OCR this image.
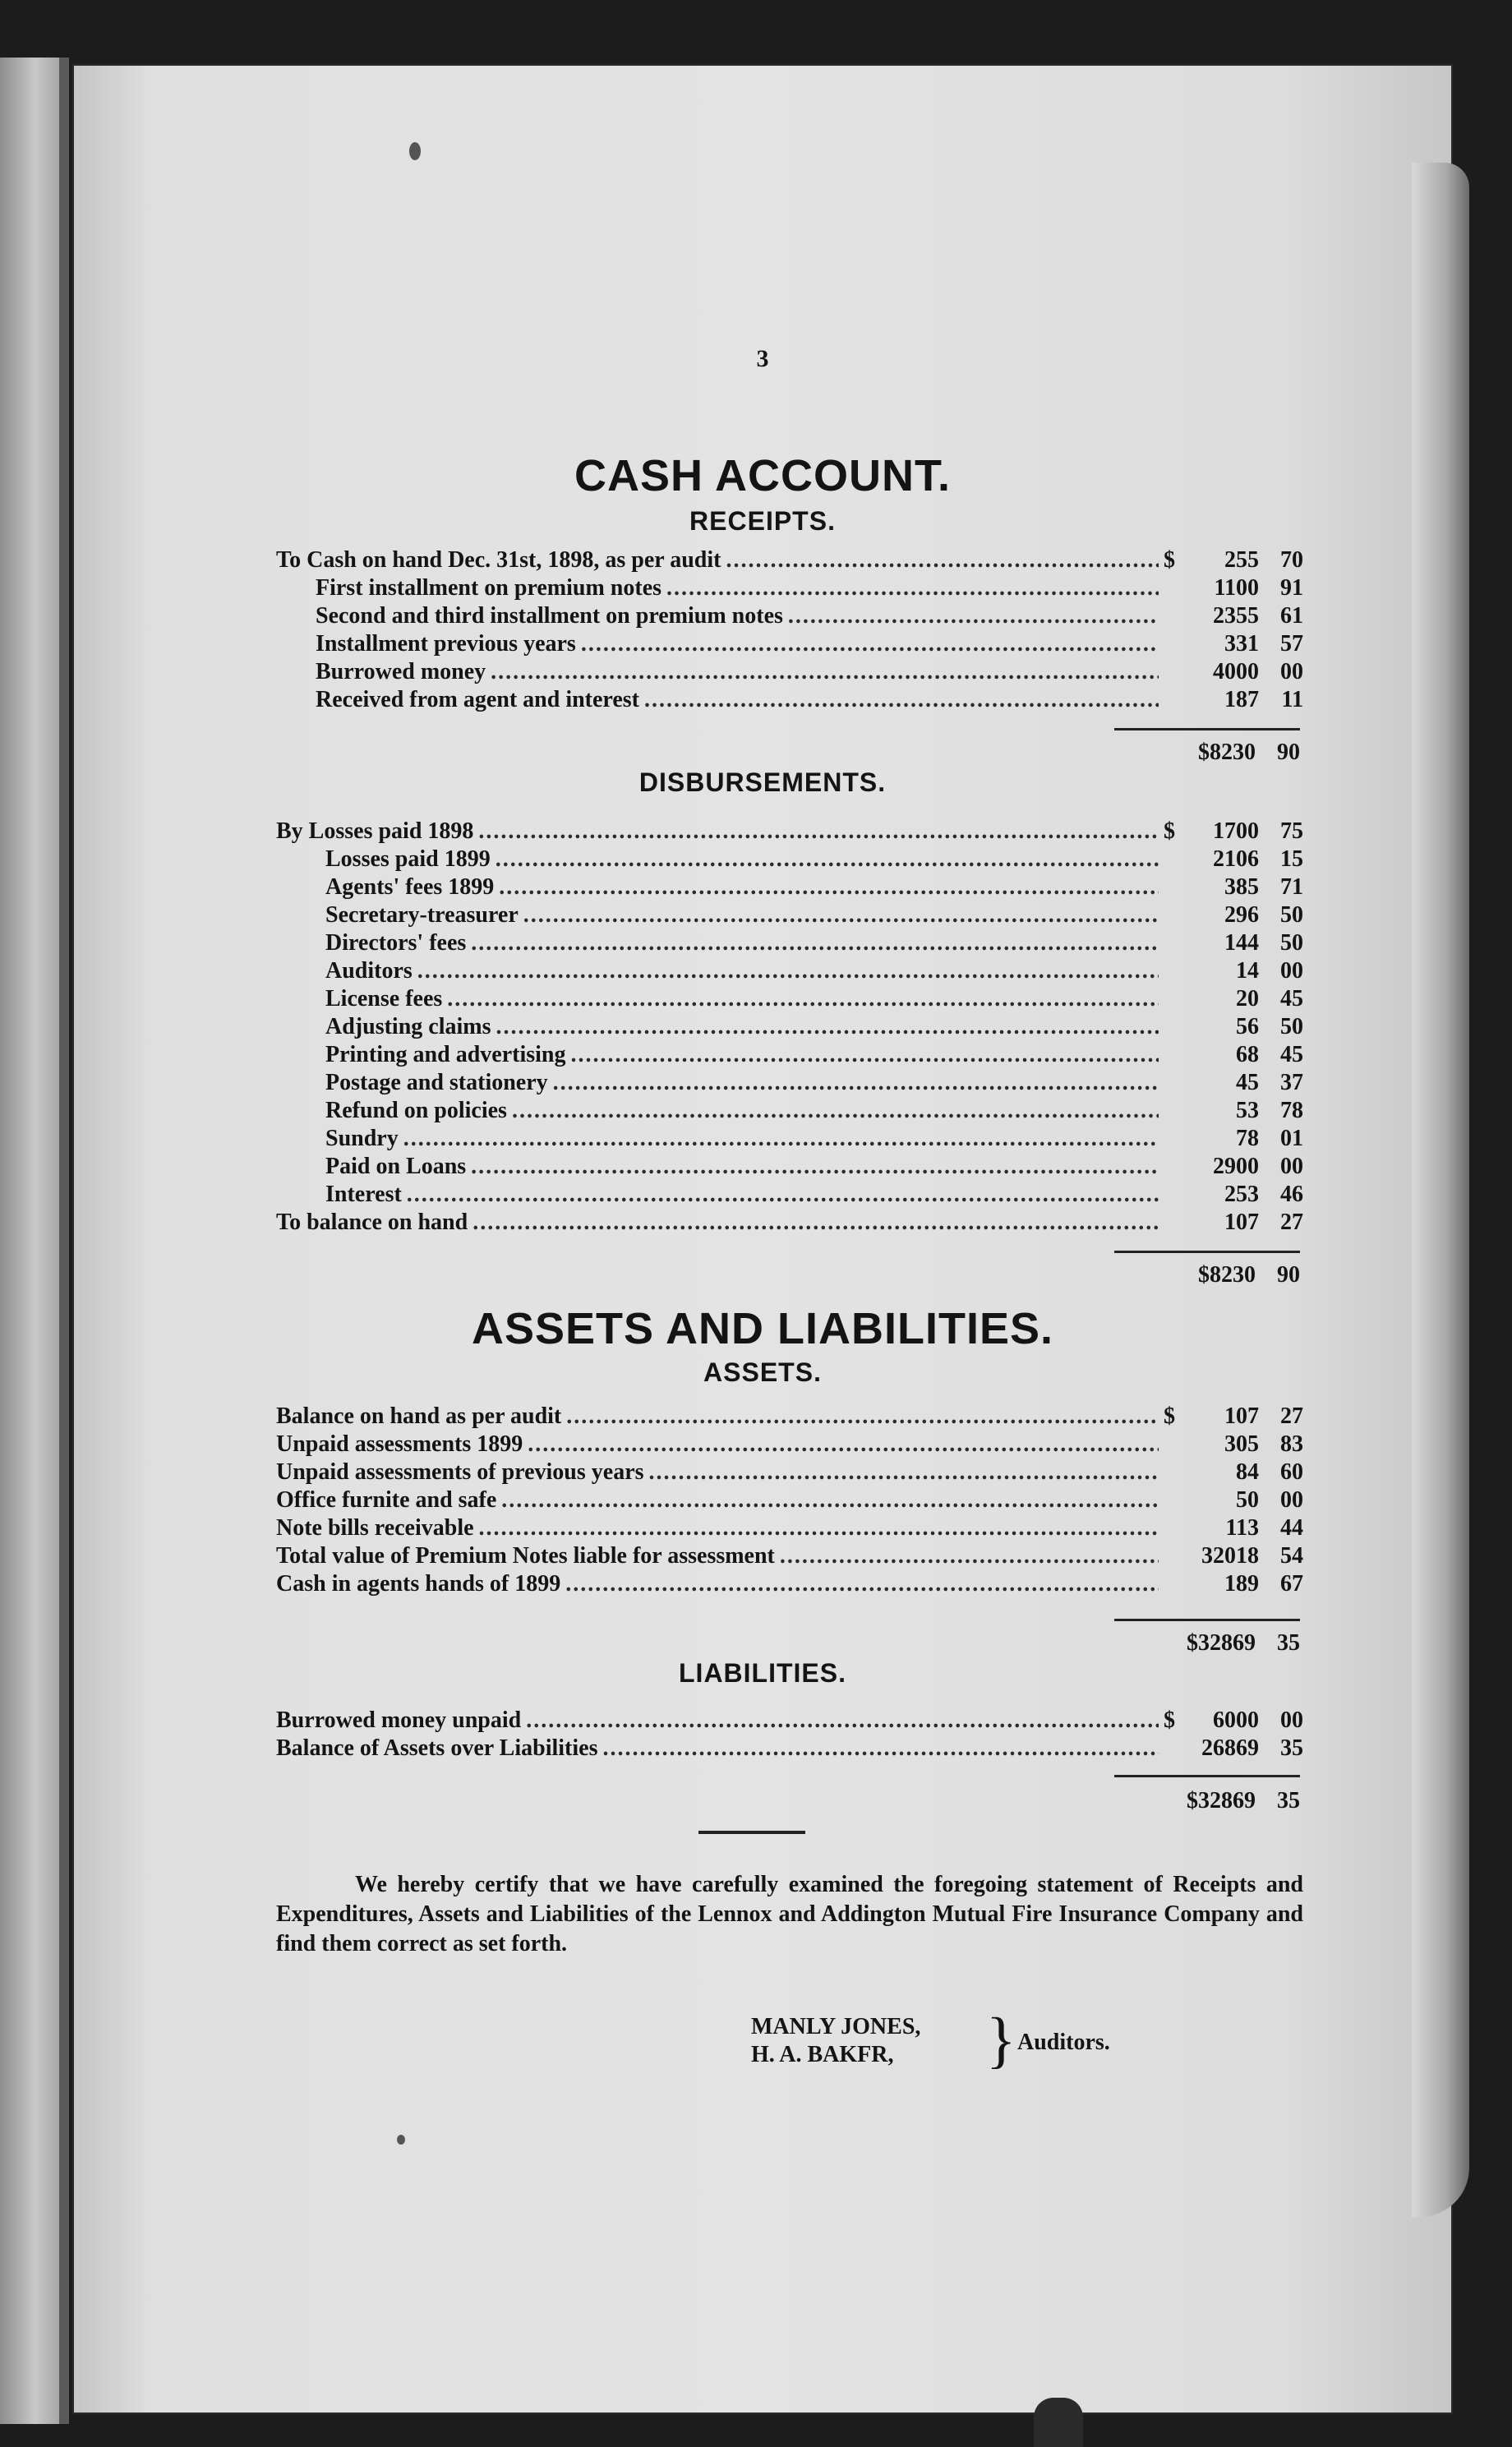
3
CASH ACCOUNT.
RECEIPTS.
To Cash on hand Dec. 31st, 1898, as per audit .....	$	255 70
First installment on premium notes .....	1100 91
Second and third installment on premium notes .....	2355 61
Installment previous years .....	331 57
Burrowed money .....	4000 00
Received from agent and interest .....	187 11
$8230 90
DISBURSEMENTS.
By Losses paid 1898 .....	$	1700 75
Losses paid 1899 .....	2106 15
Agents' fees 1899 .....	385 71
Secretary-treasurer .....	296 50
Directors' fees .....	144 50
Auditors .....	14 00
License fees .....	20 45
Adjusting claims .....	56 50
Printing and advertising .....	68 45
Postage and stationery .....	45 37
Refund on policies .....	53 78
Sundry .....	78 01
Paid on Loans .....	2900 00
Interest .....	253 46
To balance on hand .....	107 27
$8230 90
ASSETS AND LIABILITIES.
ASSETS.
Balance on hand as per audit .....	$	107 27
Unpaid assessments 1899 .....	305 83
Unpaid assessments of previous years .....	84 60
Office furnite and safe .....	50 00
Note bills receivable .....	113 44
Total value of Premium Notes liable for assessment .....	32018 54
Cash in agents hands of 1899 .....	189 67
$32869 35
LIABILITIES.
Burrowed money unpaid .....	$	6000 00
Balance of Assets over Liabilities .....	26869 35
$32869 35
We hereby certify that we have carefully examined the foregoing statement of Receipts and Expenditures, Assets and Liabilities of the Lennox and Addington Mutual Fire Insurance Company and find them correct as set forth.
MANLY JONES,
H. A. BAKFR,	} Auditors.
